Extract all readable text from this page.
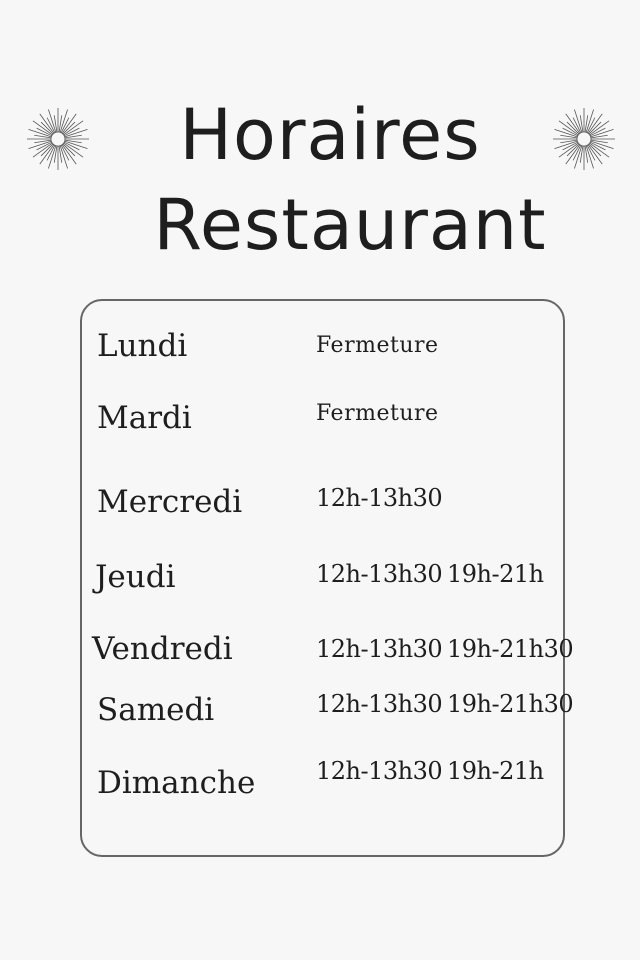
Horaires
Restaurant
Lundi	Fermeture
Mardi	Fermeture
Mercredi	12h-13h30
Jeudi	12h-13h30 19h-21h
Vendredi	12h-13h30 19h-21h30
Samedi	12h-13h30 19h-21h30
Dimanche	12h-13h30 19h-21h
